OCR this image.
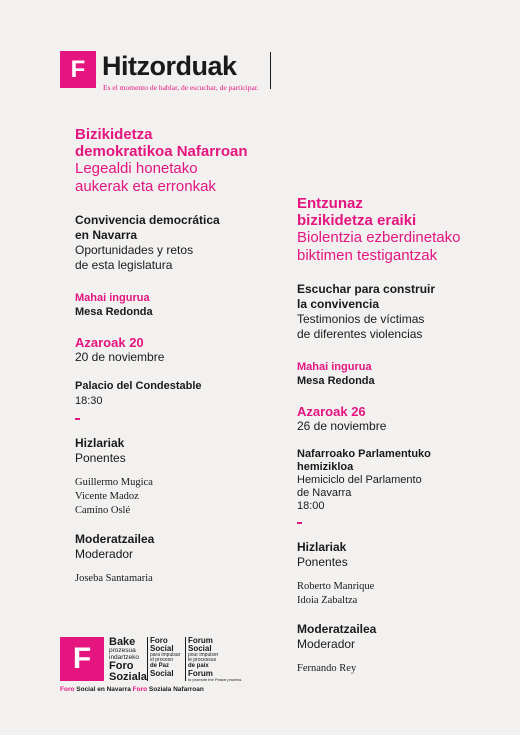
F Hitzorduak
Es el momento de hablar, de escuchar, de participar.
Bizikidetza
demokratikoa Nafarroan
Legealdi honetako
aukerak eta erronkak
Convivencia democrática
en Navarra
Oportunidades y retos
de esta legislatura
Mahai ingurua
Mesa Redonda
Azaroak 20
20 de noviembre
Palacio del Condestable
18:30
Hizlariak
Ponentes
Guillermo Mugica
Vicente Madoz
Camino Oslé
Moderatzailea
Moderador
Joseba Santamaria
Entzunaz
bizikidetza eraiki
Biolentzia ezberdinetako
biktimen testigantzak
Escuchar para construir
la convivencia
Testimonios de víctimas
de diferentes violencias
Mahai ingurua
Mesa Redonda
Azaroak 26
26 de noviembre
Nafarroako Parlamentuko
hemizikloa
Hemiciclo del Parlamento
de Navarra
18:00
Hizlariak
Ponentes
Roberto Manrique
Idoia Zabaltza
Moderatzailea
Moderador
Fernando Rey
F Bake
prozesua
indartzeko
Foro
Soziala
Foro
Social
para impulsar
el proceso
de Paz
Social
Forum
Social
pour impulser
le processus
de paix
Forum
to promote the Peace process
Foro Social en Navarra Foro Soziala Nafarroan
